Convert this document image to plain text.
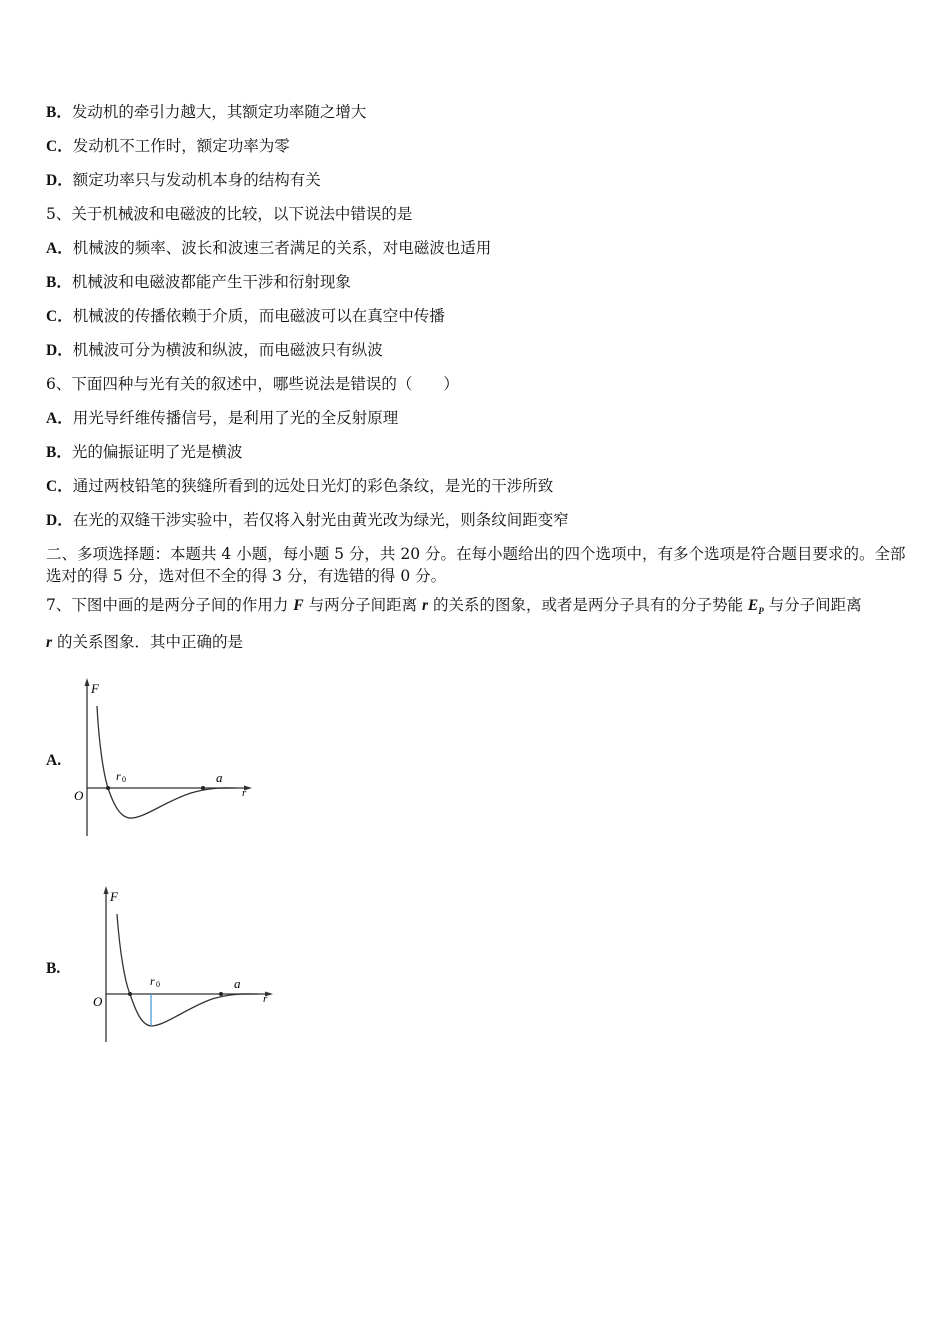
B．发动机的牵引力越大，其额定功率随之增大
C．发动机不工作时，额定功率为零
D．额定功率只与发动机本身的结构有关
5、关于机械波和电磁波的比较，以下说法中错误的是
A．机械波的频率、波长和波速三者满足的关系，对电磁波也适用
B．机械波和电磁波都能产生干涉和衍射现象
C．机械波的传播依赖于介质，而电磁波可以在真空中传播
D．机械波可分为横波和纵波，而电磁波只有纵波
6、下面四种与光有关的叙述中，哪些说法是错误的（　　）
A．用光导纤维传播信号，是利用了光的全反射原理
B．光的偏振证明了光是横波
C．通过两枝铅笔的狭缝所看到的远处日光灯的彩色条纹，是光的干涉所致
D．在光的双缝干涉实验中，若仅将入射光由黄光改为绿光，则条纹间距变窄
二、多项选择题：本题共 4 小题，每小题 5 分，共 20 分。在每小题给出的四个选项中，有多个选项是符合题目要求的。全部选对的得 5 分，选对但不全的得 3 分，有选错的得 0 分。
7、下图中画的是两分子间的作用力 F 与两分子间距离 r 的关系的图象，或者是两分子具有的分子势能 $E_P$ 与分子间距离
r 的关系图象．其中正确的是
A.
F
O
r 0	a
r
B.
F
O
r 0	a
r
